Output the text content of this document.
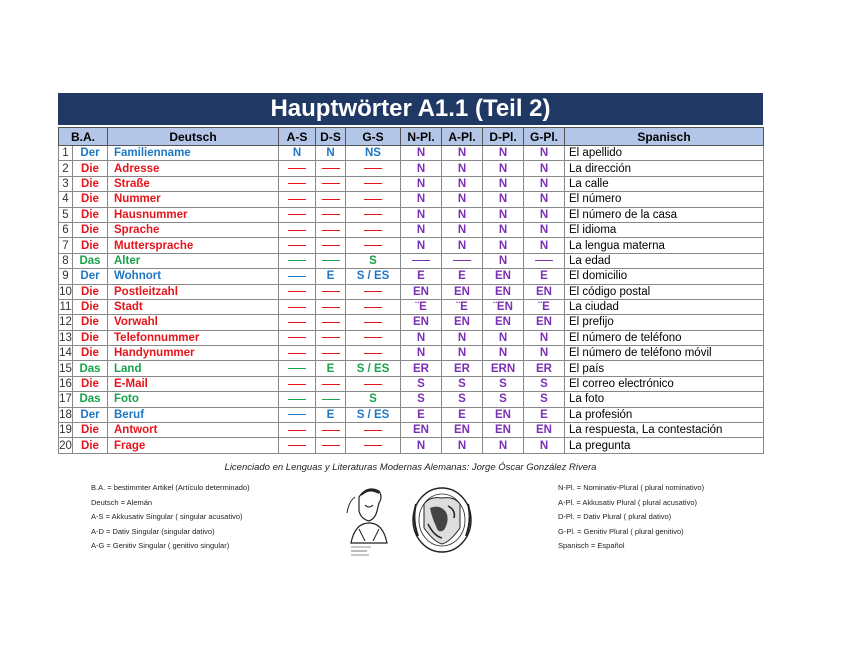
Hauptwörter A1.1 (Teil 2)
B.A.		Deutsch	A-S	D-S	G-S	N-Pl.	A-Pl.	D-Pl.	G-Pl.	Spanisch
1	Der	Familienname	N	N	NS	N	N	N	N	El apellido
2	Die	Adresse				N	N	N	N	La dirección
3	Die	Straße				N	N	N	N	La calle
4	Die	Nummer				N	N	N	N	El número
5	Die	Hausnummer				N	N	N	N	El número de la casa
6	Die	Sprache				N	N	N	N	El idioma
7	Die	Muttersprache				N	N	N	N	La lengua materna
8	Das	Alter			S			N		La edad
9	Der	Wohnort		E	S / ES	E	E	EN	E	El domicilio
10	Die	Postleitzahl				EN	EN	EN	EN	El código postal
11	Die	Stadt				¨E	¨E	¨EN	¨E	La ciudad
12	Die	Vorwahl				EN	EN	EN	EN	El prefijo
13	Die	Telefonnummer				N	N	N	N	El número de teléfono
14	Die	Handynummer				N	N	N	N	El número de teléfono móvil
15	Das	Land		E	S / ES	ER	ER	ERN	ER	El país
16	Die	E-Mail				S	S	S	S	El correo electrónico
17	Das	Foto			S	S	S	S	S	La foto
18	Der	Beruf		E	S / ES	E	E	EN	E	La profesión
19	Die	Antwort				EN	EN	EN	EN	La respuesta, La contestación
20	Die	Frage				N	N	N	N	La pregunta
Licenciado en Lenguas y Literaturas Modernas Alemanas: Jorge Óscar González Rivera
B.A. = bestimmter Artikel (Artículo determinado)
Deutsch = Alemán
A-S = Akkusativ Singular ( singular acusativo)
A-D = Dativ Singular (singular dativo)
A-G = Genitiv Singular ( genitivo singular)
N-Pl. = Nominativ-Plural ( plural nominativo)
A-Pl. = Akkusativ Plural ( plural acusativo)
D-Pl. = Dativ Plural ( plural dativo)
G-Pl. = Genitiv Plural ( plural genitivo)
Spanisch = Español
